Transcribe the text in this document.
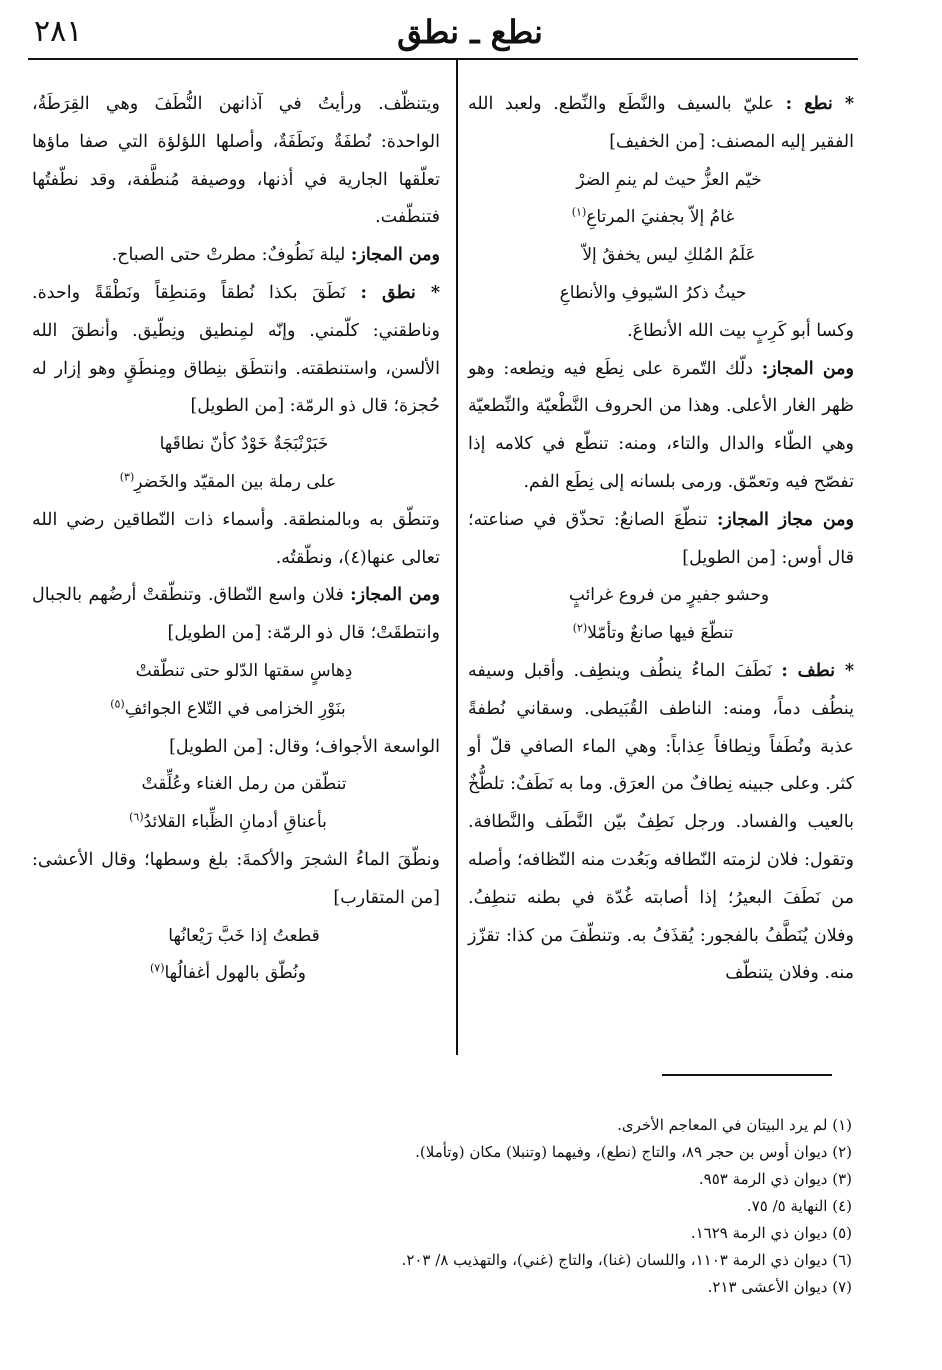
٢٨١	نطع ـ نطق

* نطع : عليّ بالسيف والنَّطَع والنِّطع. ولعبد الله الفقير إليه المصنف: [من الخفيف]

خيّم العزُّ حيث لم ينمِ الضرْ

غامُ إلاّ بجفنيَ المرتاعِ$^{(١)}$

عَلَمُ المُلكِ ليس يخفقُ إلاّ

حيثُ ذكرُ السّيوفِ والأنطاعِ

وكسا أبو كَرِبٍ بيت الله الأنطاعَ.

ومن المجاز: دلّك التّمرة على نِطَع فيه ونِطعه: وهو ظهر الغار الأعلى. وهذا من الحروف النَّطْعيّة والنِّطعيّة وهي الطّاء والدال والتاء، ومنه: تنطّع في كلامه إذا تفصّح فيه وتعمّق. ورمى بلسانه إلى نِطَع الفم.

ومن مجاز المجاز: تنطّعَ الصانعُ: تحذّق في صناعته؛ قال أوس: [من الطويل]

وحشو جفيرٍ من فروع غرائبٍ

تنطّعَ فيها صانعٌ وتأمّلا$^{(٢)}$

* نطف : نَطَفَ الماءُ ينطُف وينطِف. وأقبل وسيفه ينطُف دماً، ومنه: الناطف القُبَيطى. وسقاني نُطفةً عذبة ونُطَفاً ونِطافاً عِذاباً: وهي الماء الصافي قلّ أو كثر. وعلى جبينه نِطافٌ من العرَق. وما به نَطَفٌ: تلطُّخٌ بالعيب والفساد. ورجل نَطِفٌ بيّن النَّطَف والنَّطافة. وتقول: فلان لزمته النّطافه وبَعُدت منه النّظافه؛ وأصله من نَطَفَ البعيرُ؛ إذا أصابته غُدّة في بطنه تنطِفُ. وفلان يُنَطَّفُ بالفجور: يُقذَفُ به. وتنطّفَ من كذا: تقزّز منه. وفلان يتنطّف

ويتنظّف. ورأيتُ في آذانهن النُّطَفَ وهي القِرَطَةُ، الواحدة: نُطفَةٌ ونَطَفَةٌ، وأصلها اللؤلؤة التي صفا ماؤها تعلّقها الجارية في أذنها، ووصيفة مُنطَّفة، وقد نطّفتُها فتنطّفت.

ومن المجاز: ليلة نَطُوفٌ: مطرتْ حتى الصباح.

* نطق : نَطَقَ بكذا نُطقاً ومَنطِقاً ونَطْقَةً واحدة. وناطقني: كلّمني. وإنّه لمِنطيق ونِطّيق. وأنطقَ الله الألسن، واستنطقته. وانتطَق بنِطاق ومِنطَقٍ وهو إزار له حُجزة؛ قال ذو الرمّة: [من الطويل]

خَبَرْنْبَجَةٌ خَوْدٌ كأنّ نطاقَها

على رملة بين المقيّد والخَضرِ$^{(٣)}$

وتنطّق به وبالمنطقة. وأسماء ذات النّطاقين رضي الله تعالى عنها(٤)، ونطّقتُه.

ومن المجاز: فلان واسع النّطاق. وتنطّقتْ أرضُهم بالجبال وانتطقَتْ؛ قال ذو الرمّة: [من الطويل]

دِهاسٍ سقتها الدّلو حتى تنطّقتْ

بنَوْرِ الخزامى في التّلاع الجوائفِ$^{(٥)}$

الواسعة الأجواف؛ وقال: [من الطويل]

تنطّقن من رمل الغناء وعُلِّقتْ

بأعناقِ أدمانِ الظِّباء القلائدُ$^{(٦)}$

ونطّقَ الماءُ الشجرَ والأكمةَ: بلغ وسطها؛ وقال الأعشى: [من المتقارب]

قطعتُ إذا خَبَّ رَيْعانُها

ونُطّق بالهول أغفالُها$^{(٧)}$

(١) لم يرد البيتان في المعاجم الأخرى.

(٢) ديوان أوس بن حجر ٨٩، والتاج (نطع)، وفيهما (وتنبلا) مكان (وتأملا).

(٣) ديوان ذي الرمة ٩٥٣.

(٤) النهاية ٥/ ٧٥.

(٥) ديوان ذي الرمة ١٦٢٩.

(٦) ديوان ذي الرمة ١١٠٣، واللسان (غنا)، والتاج (غني)، والتهذيب ٨/ ٢٠٣.

(٧) ديوان الأعشى ٢١٣.
